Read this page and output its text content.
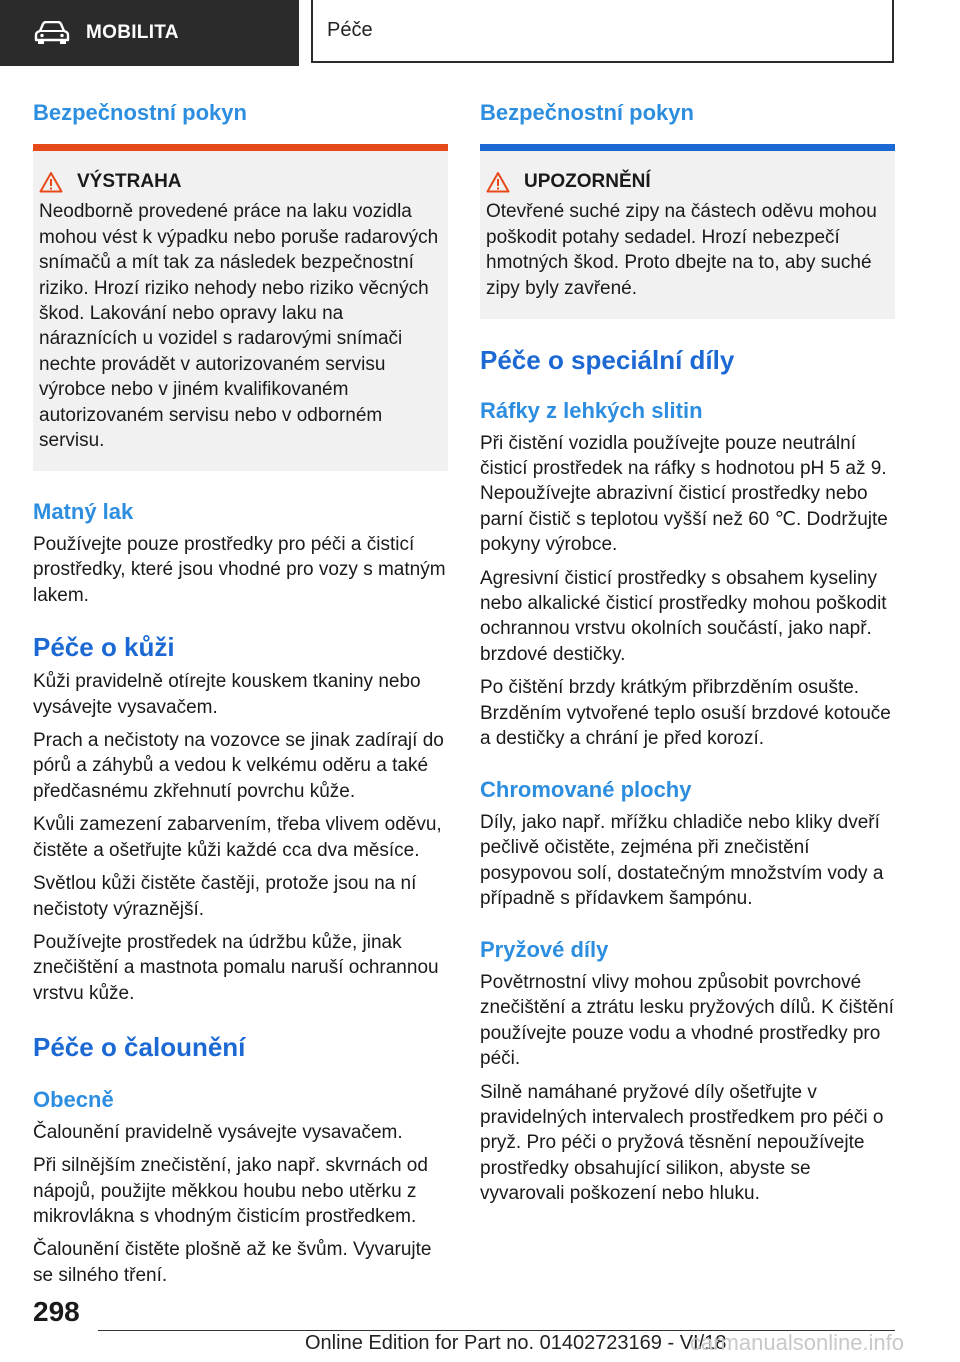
MOBILITA	Péče
Bezpečnostní pokyn
VÝSTRAHA

Neodborně provedené práce na laku vozidla mohou vést k výpadku nebo poruše radarových snímačů a mít tak za následek bezpečnostní riziko. Hrozí riziko nehody nebo riziko věcných škod. Lakování nebo opravy laku na náraznících u vozidel s radarovými snímači nechte provádět v autorizovaném servisu výrobce nebo v jiném kvalifikovaném autorizovaném servisu nebo v odborném servisu.

Matný lak

Používejte pouze prostředky pro péči a čisticí prostředky, které jsou vhodné pro vozy s matným lakem.

Péče o kůži

Kůži pravidelně otírejte kouskem tkaniny nebo vysávejte vysavačem.

Prach a nečistoty na vozovce se jinak zadírají do pórů a záhybů a vedou k velkému oděru a také předčasnému zkřehnutí povrchu kůže.

Kvůli zamezení zabarvením, třeba vlivem oděvu, čistěte a ošetřujte kůži každé cca dva měsíce.

Světlou kůži čistěte častěji, protože jsou na ní nečistoty výraznější.

Používejte prostředek na údržbu kůže, jinak znečištění a mastnota pomalu naruší ochrannou vrstvu kůže.

Péče o čalounění
Obecně

Čalounění pravidelně vysávejte vysavačem.

Při silnějším znečistění, jako např. skvrnách od nápojů, použijte měkkou houbu nebo utěrku z mikrovlákna s vhodným čisticím prostředkem.

Čalounění čistěte plošně až ke švům. Vyvarujte se silného tření.

Bezpečnostní pokyn
UPOZORNĚNÍ

Otevřené suché zipy na částech oděvu mohou poškodit potahy sedadel. Hrozí nebezpečí hmotných škod. Proto dbejte na to, aby suché zipy byly zavřené.

Péče o speciální díly
Ráfky z lehkých slitin

Při čistění vozidla používejte pouze neutrální čisticí prostředek na ráfky s hodnotou pH 5 až 9. Nepoužívejte abrazivní čisticí prostředky nebo parní čistič s teplotou vyšší než 60 ℃. Dodržujte pokyny výrobce.

Agresivní čisticí prostředky s obsahem kyseliny nebo alkalické čisticí prostředky mohou poškodit ochrannou vrstvu okolních součástí, jako např. brzdové destičky.

Po čištění brzdy krátkým přibrzděním osušte. Brzděním vytvořené teplo osuší brzdové kotouče a destičky a chrání je před korozí.

Chromované plochy

Díly, jako např. mřížku chladiče nebo kliky dveří pečlivě očistěte, zejména při znečistění posypovou solí, dostatečným množstvím vody a případně s přídavkem šampónu.

Pryžové díly

Povětrnostní vlivy mohou způsobit povrchové znečištění a ztrátu lesku pryžových dílů. K čištění používejte pouze vodu a vhodné prostředky pro péči.

Silně namáhané pryžové díly ošetřujte v pravidelných intervalech prostředkem pro péči o pryž. Pro péči o pryžová těsnění nepoužívejte prostředky obsahující silikon, abyste se vyvarovali poškození nebo hluku.

298
Online Edition for Part no. 01402723169 - VI/18
carmanualsonline.info
